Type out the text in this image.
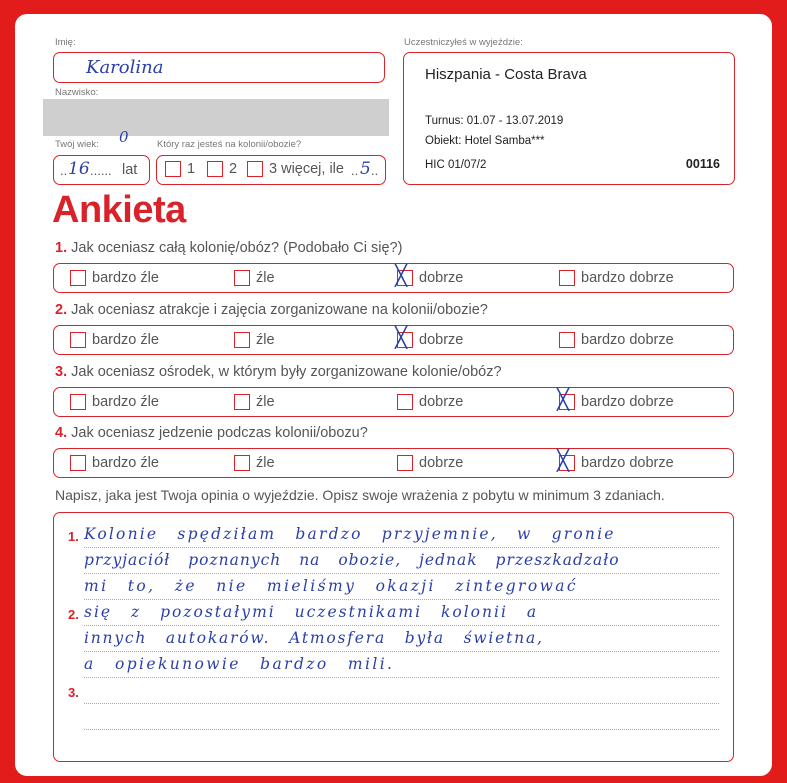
Imię:
Karolina
Nazwisko:
Twój wiek: 0
.. 16 ...... lat
Który raz jesteś na kolonii/obozie?
1 2 3 więcej, ile .. 5 ..
Uczestniczyłeś w wyjeździe:
Hiszpania - Costa Brava
Turnus: 01.07 - 13.07.2019
Obiekt: Hotel Samba***
HIC 01/07/2	00116
Ankieta
1. Jak oceniasz całą kolonię/obóz? (Podobało Ci się?)
bardzo źle	źle	╳ dobrze	bardzo dobrze
2. Jak oceniasz atrakcje i zajęcia zorganizowane na kolonii/obozie?
bardzo źle	źle	╳ dobrze	bardzo dobrze
3. Jak oceniasz ośrodek, w którym były zorganizowane kolonie/obóz?
bardzo źle	źle	dobrze	╳ bardzo dobrze
4. Jak oceniasz jedzenie podczas kolonii/obozu?
bardzo źle	źle	dobrze	╳ bardzo dobrze
Napisz, jaka jest Twoja opinia o wyjeździe. Opisz swoje wrażenia z pobytu w minimum 3 zdaniach.
1.
2.
3.
Kolonie spędziłam bardzo przyjemnie, w gronie
przyjaciół poznanych na obozie, jednak przeszkadzało
mi to, że nie mieliśmy okazji zintegrować
się z pozostałymi uczestnikami kolonii a
innych autokarów. Atmosfera była świetna,
a opiekunowie bardzo mili.
